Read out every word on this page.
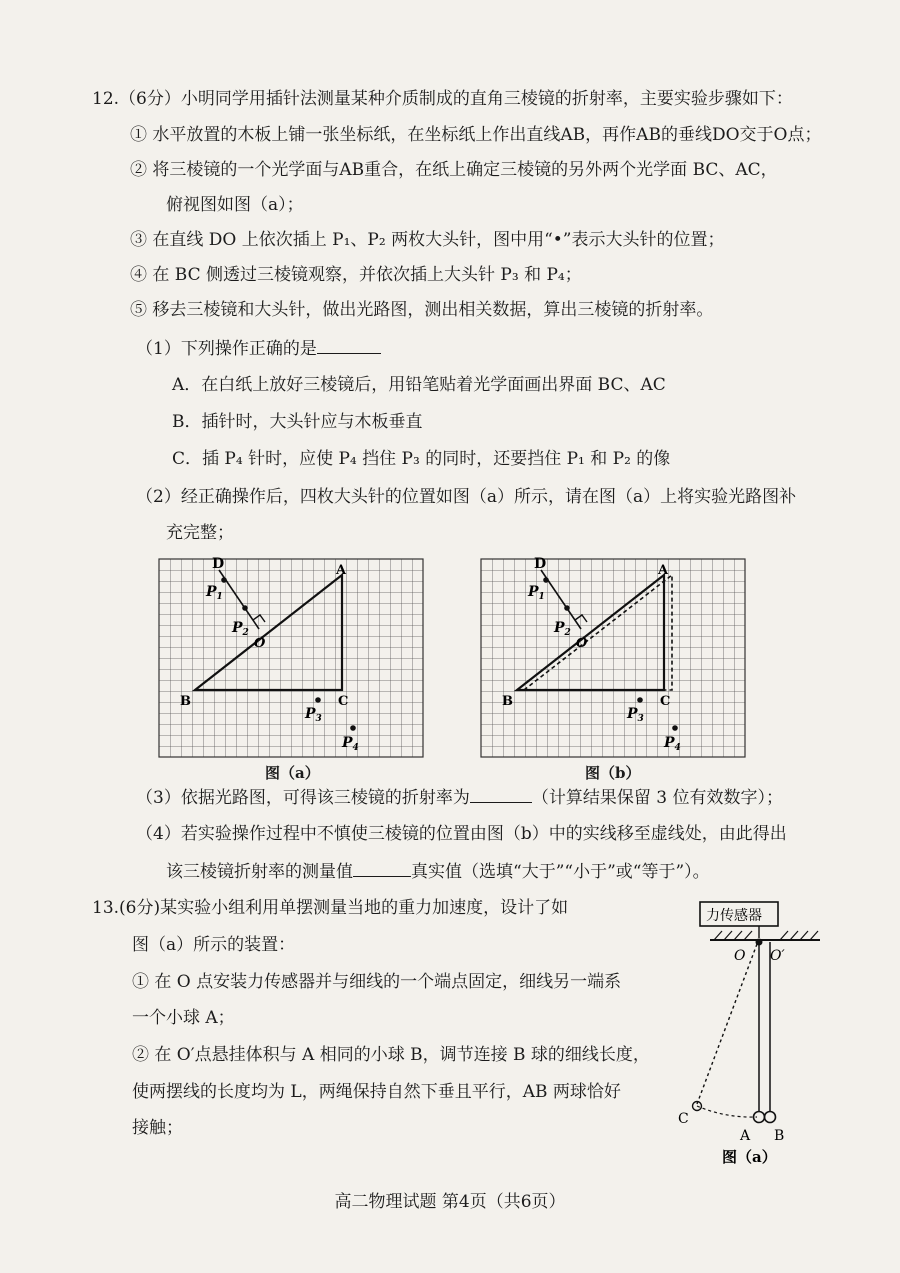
12.（6分）小明同学用插针法测量某种介质制成的直角三棱镜的折射率，主要实验步骤如下：
① 水平放置的木板上铺一张坐标纸，在坐标纸上作出直线AB，再作AB的垂线DO交于O点；
② 将三棱镜的一个光学面与AB重合，在纸上确定三棱镜的另外两个光学面 BC、AC，
俯视图如图（a）；
③ 在直线 DO 上依次插上 P₁、P₂ 两枚大头针，图中用“•”表示大头针的位置；
④ 在 BC 侧透过三棱镜观察，并依次插上大头针 P₃ 和 P₄；
⑤ 移去三棱镜和大头针，做出光路图，测出相关数据，算出三棱镜的折射率。
（1）下列操作正确的是
A．在白纸上放好三棱镜后，用铅笔贴着光学面画出界面 BC、AC
B．插针时，大头针应与木板垂直
C．插 P₄ 针时，应使 P₄ 挡住 P₃ 的同时，还要挡住 P₁ 和 P₂ 的像
（2）经正确操作后，四枚大头针的位置如图（a）所示，请在图（a）上将实验光路图补
充完整；
D
$P_1$
$P_2$
O
A
B	C
$P_3$
$P_4$
图（a）
D
$P_1$
$P_2$
O
A
B	C
$P_3$
$P_4$
图（b）
（3）依据光路图，可得该三棱镜的折射率为	（计算结果保留 3 位有效数字）；
（4）若实验操作过程中不慎使三棱镜的位置由图（b）中的实线移至虚线处，由此得出
该三棱镜折射率的测量值	真实值（选填“大于”“小于”或“等于”）。
13.(6分)某实验小组利用单摆测量当地的重力加速度，设计了如
图（a）所示的装置：
① 在 O 点安装力传感器并与细线的一个端点固定，细线另一端系
一个小球 A；
② 在 O′点悬挂体积与 A 相同的小球 B，调节连接 B 球的细线长度，
使两摆线的长度均为 L，两绳保持自然下垂且平行，AB 两球恰好
接触；
力传感器
O O′
C
A B
图（a）
高二物理试题 第4页（共6页）
